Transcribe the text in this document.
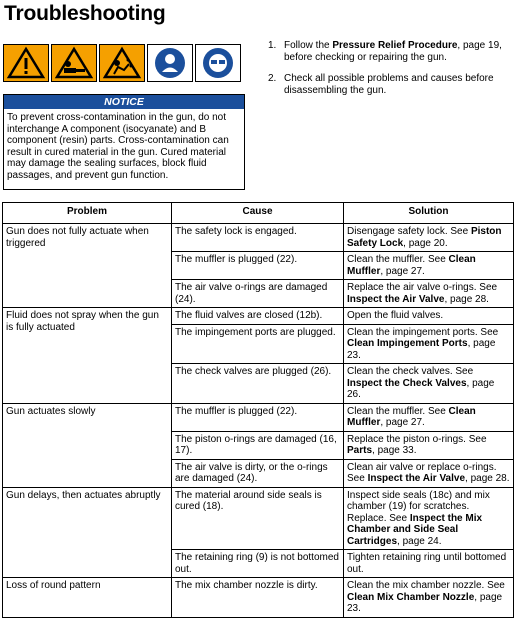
Troubleshooting
NOTICE
To prevent cross-contamination in the gun, do not interchange A component (isocyanate) and B component (resin) parts. Cross-contamination can result in cured material in the gun. Cured material may damage the sealing surfaces, block fluid passages, and prevent gun function.
1. Follow the Pressure Relief Procedure, page 19, before checking or repairing the gun.
2. Check all possible problems and causes before disassembling the gun.
Problem	Cause	Solution
Gun does not fully actuate when triggered	The safety lock is engaged.	Disengage safety lock. See Piston Safety Lock, page 20.
	The muffler is plugged (22).	Clean the muffler. See Clean Muffler, page 27.
	The air valve o-rings are damaged (24).	Replace the air valve o-rings. See Inspect the Air Valve, page 28.
Fluid does not spray when the gun is fully actuated	The fluid valves are closed (12b).	Open the fluid valves.
	The impingement ports are plugged.	Clean the impingement ports. See Clean Impingement Ports, page 23.
	The check valves are plugged (26).	Clean the check valves. See Inspect the Check Valves, page 26.
Gun actuates slowly	The muffler is plugged (22).	Clean the muffler. See Clean Muffler, page 27.
	The piston o-rings are damaged (16, 17).	Replace the piston o-rings. See Parts, page 33.
	The air valve is dirty, or the o-rings are damaged (24).	Clean air valve or replace o-rings. See Inspect the Air Valve, page 28.
Gun delays, then actuates abruptly	The material around side seals is cured (18).	Inspect side seals (18c) and mix chamber (19) for scratches. Replace. See Inspect the Mix Chamber and Side Seal Cartridges, page 24.
	The retaining ring (9) is not bottomed out.	Tighten retaining ring until bottomed out.
Loss of round pattern	The mix chamber nozzle is dirty.	Clean the mix chamber nozzle. See Clean Mix Chamber Nozzle, page 23.
